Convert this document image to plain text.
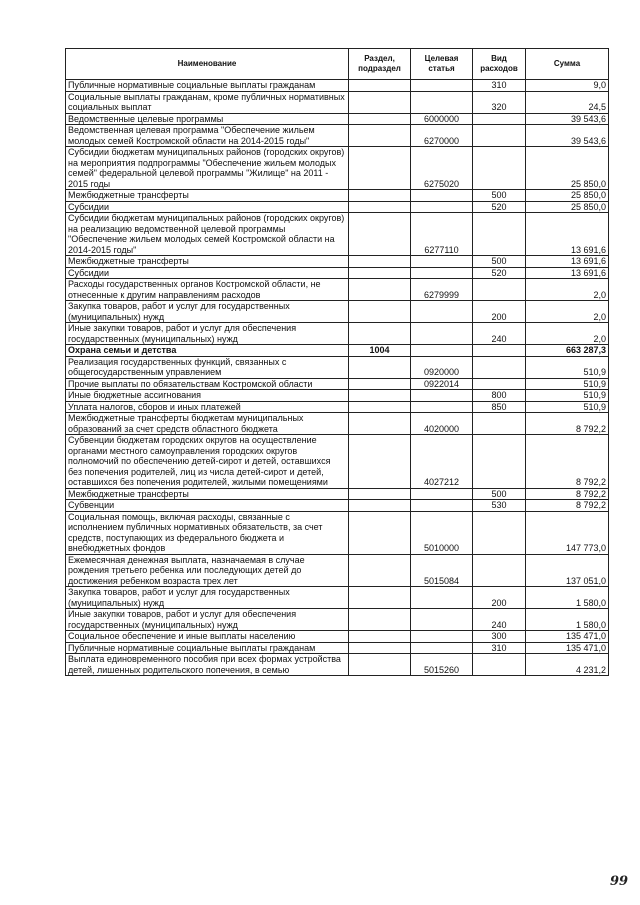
Наименование	Раздел, подраздел	Целевая статья	Вид расходов	Сумма
Публичные нормативные социальные выплаты гражданам			310	9,0
Социальные выплаты гражданам, кроме публичных нормативных социальных выплат			320	24,5
Ведомственные целевые программы		6000000		39 543,6
Ведомственная целевая программа "Обеспечение жильем молодых семей Костромской области на 2014-2015 годы"		6270000		39 543,6
Субсидии бюджетам муниципальных районов (городских округов) на мероприятия подпрограммы "Обеспечение жильем молодых семей" федеральной целевой программы "Жилище" на 2011 - 2015 годы		6275020		25 850,0
Межбюджетные трансферты			500	25 850,0
Субсидии			520	25 850,0
Субсидии бюджетам муниципальных районов (городских округов) на реализацию ведомственной целевой программы "Обеспечение жильем молодых семей Костромской области на 2014-2015 годы"		6277110		13 691,6
Межбюджетные трансферты			500	13 691,6
Субсидии			520	13 691,6
Расходы государственных органов Костромской области, не отнесенные к другим направлениям расходов		6279999		2,0
Закупка товаров, работ и услуг для государственных (муниципальных) нужд			200	2,0
Иные закупки товаров, работ и услуг для обеспечения государственных (муниципальных) нужд			240	2,0
Охрана семьи и детства	1004			663 287,3
Реализация государственных функций, связанных с общегосударственным управлением		0920000		510,9
Прочие выплаты по обязательствам Костромской области		0922014		510,9
Иные бюджетные ассигнования			800	510,9
Уплата налогов, сборов и иных платежей			850	510,9
Межбюджетные трансферты бюджетам муниципальных образований за счет средств областного бюджета		4020000		8 792,2
Субвенции бюджетам городских округов на осуществление органами местного самоуправления городских округов полномочий по обеспечению детей-сирот и детей, оставшихся без попечения родителей, лиц из числа детей-сирот и детей, оставшихся без попечения родителей, жилыми помещениями		4027212		8 792,2
Межбюджетные трансферты			500	8 792,2
Субвенции			530	8 792,2
Социальная помощь, включая расходы, связанные с исполнением публичных нормативных обязательств, за счет средств, поступающих из федерального бюджета и внебюджетных фондов		5010000		147 773,0
Ежемесячная денежная выплата, назначаемая в случае рождения третьего ребенка или последующих детей до достижения ребенком возраста трех лет		5015084		137 051,0
Закупка товаров, работ и услуг для государственных (муниципальных) нужд			200	1 580,0
Иные закупки товаров, работ и услуг для обеспечения государственных (муниципальных) нужд			240	1 580,0
Социальное обеспечение и иные выплаты населению			300	135 471,0
Публичные нормативные социальные выплаты гражданам			310	135 471,0
Выплата единовременного пособия при всех формах устройства детей, лишенных родительского попечения, в семью		5015260		4 231,2
99
